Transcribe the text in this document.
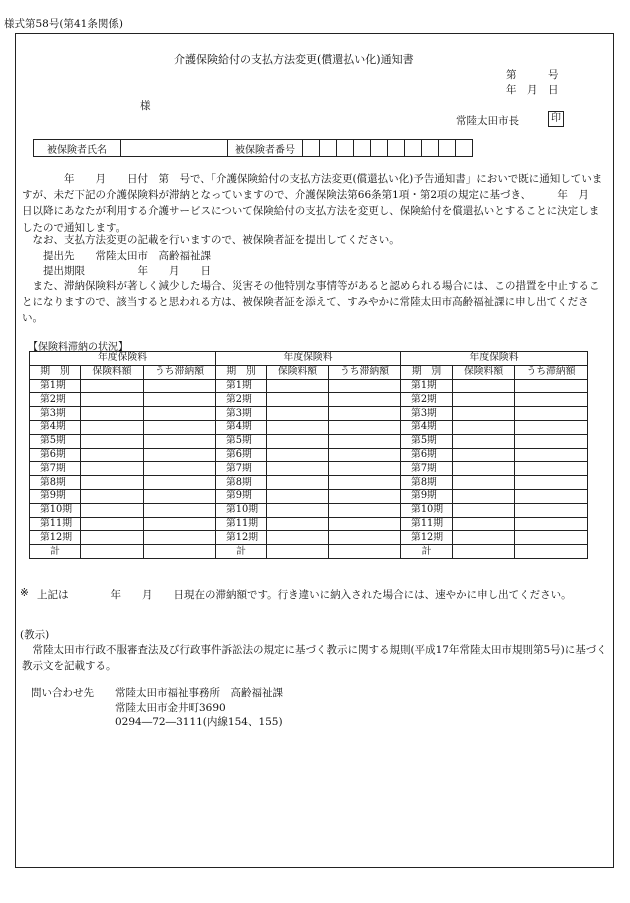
様式第58号(第41条関係)
介護保険給付の支払方法変更(償還払い化)通知書
第　　　号
年　月　日
様
常陸太田市長	印
被保険者氏名		被保険者番号										
　　　　年　　月　　日付　第　号で、「介護保険給付の支払方法変更(償還払い化)予告通知書」においで既に通知していますが、未だ下記の介護保険料が滞納となっていますので、介護保険法第66条第1項・第2項の規定に基づき、　　　年　月　日以降にあなたが利用する介護サービスについて保険給付の支払方法を変更し、保険給付を償還払いとすることに決定しましたので通知します。
　なお、支払方法変更の記載を行いますので、被保険者証を提出してください。
　　提出先　　常陸太田市　高齢福祉課
　　提出期限　　　　　年　　月　　日
　また、滞納保険料が著しく減少した場合、災害その他特別な事情等があると認められる場合には、この措置を中止することになりますので、該当すると思われる方は、被保険者証を添えて、すみやかに常陸太田市高齢福祉課に申し出てください。
【保険料滞納の状況】
年度保険料			年度保険料			年度保険料		
期　別	保険料額	うち滞納額	期　別	保険料額	うち滞納額	期　別	保険料額	うち滞納額
第1期			第1期			第1期		
第2期			第2期			第2期		
第3期			第3期			第3期		
第4期			第4期			第4期		
第5期			第5期			第5期		
第6期			第6期			第6期		
第7期			第7期			第7期		
第8期			第8期			第8期		
第9期			第9期			第9期		
第10期			第10期			第10期		
第11期			第11期			第11期		
第12期			第12期			第12期		
計			計			計		
※ 上記は　　　　年　　月　　日現在の滞納額です。行き違いに納入された場合には、速やかに申し出てください。
(教示)
　常陸太田市行政不服審査法及び行政事件訴訟法の規定に基づく教示に関する規則(平成17年常陸太田市規則第5号)に基づく教示文を記載する。
問い合わせ先 常陸太田市福祉事務所　高齢福祉課
常陸太田市金井町3690
0294―72―3111(内線154、155)
